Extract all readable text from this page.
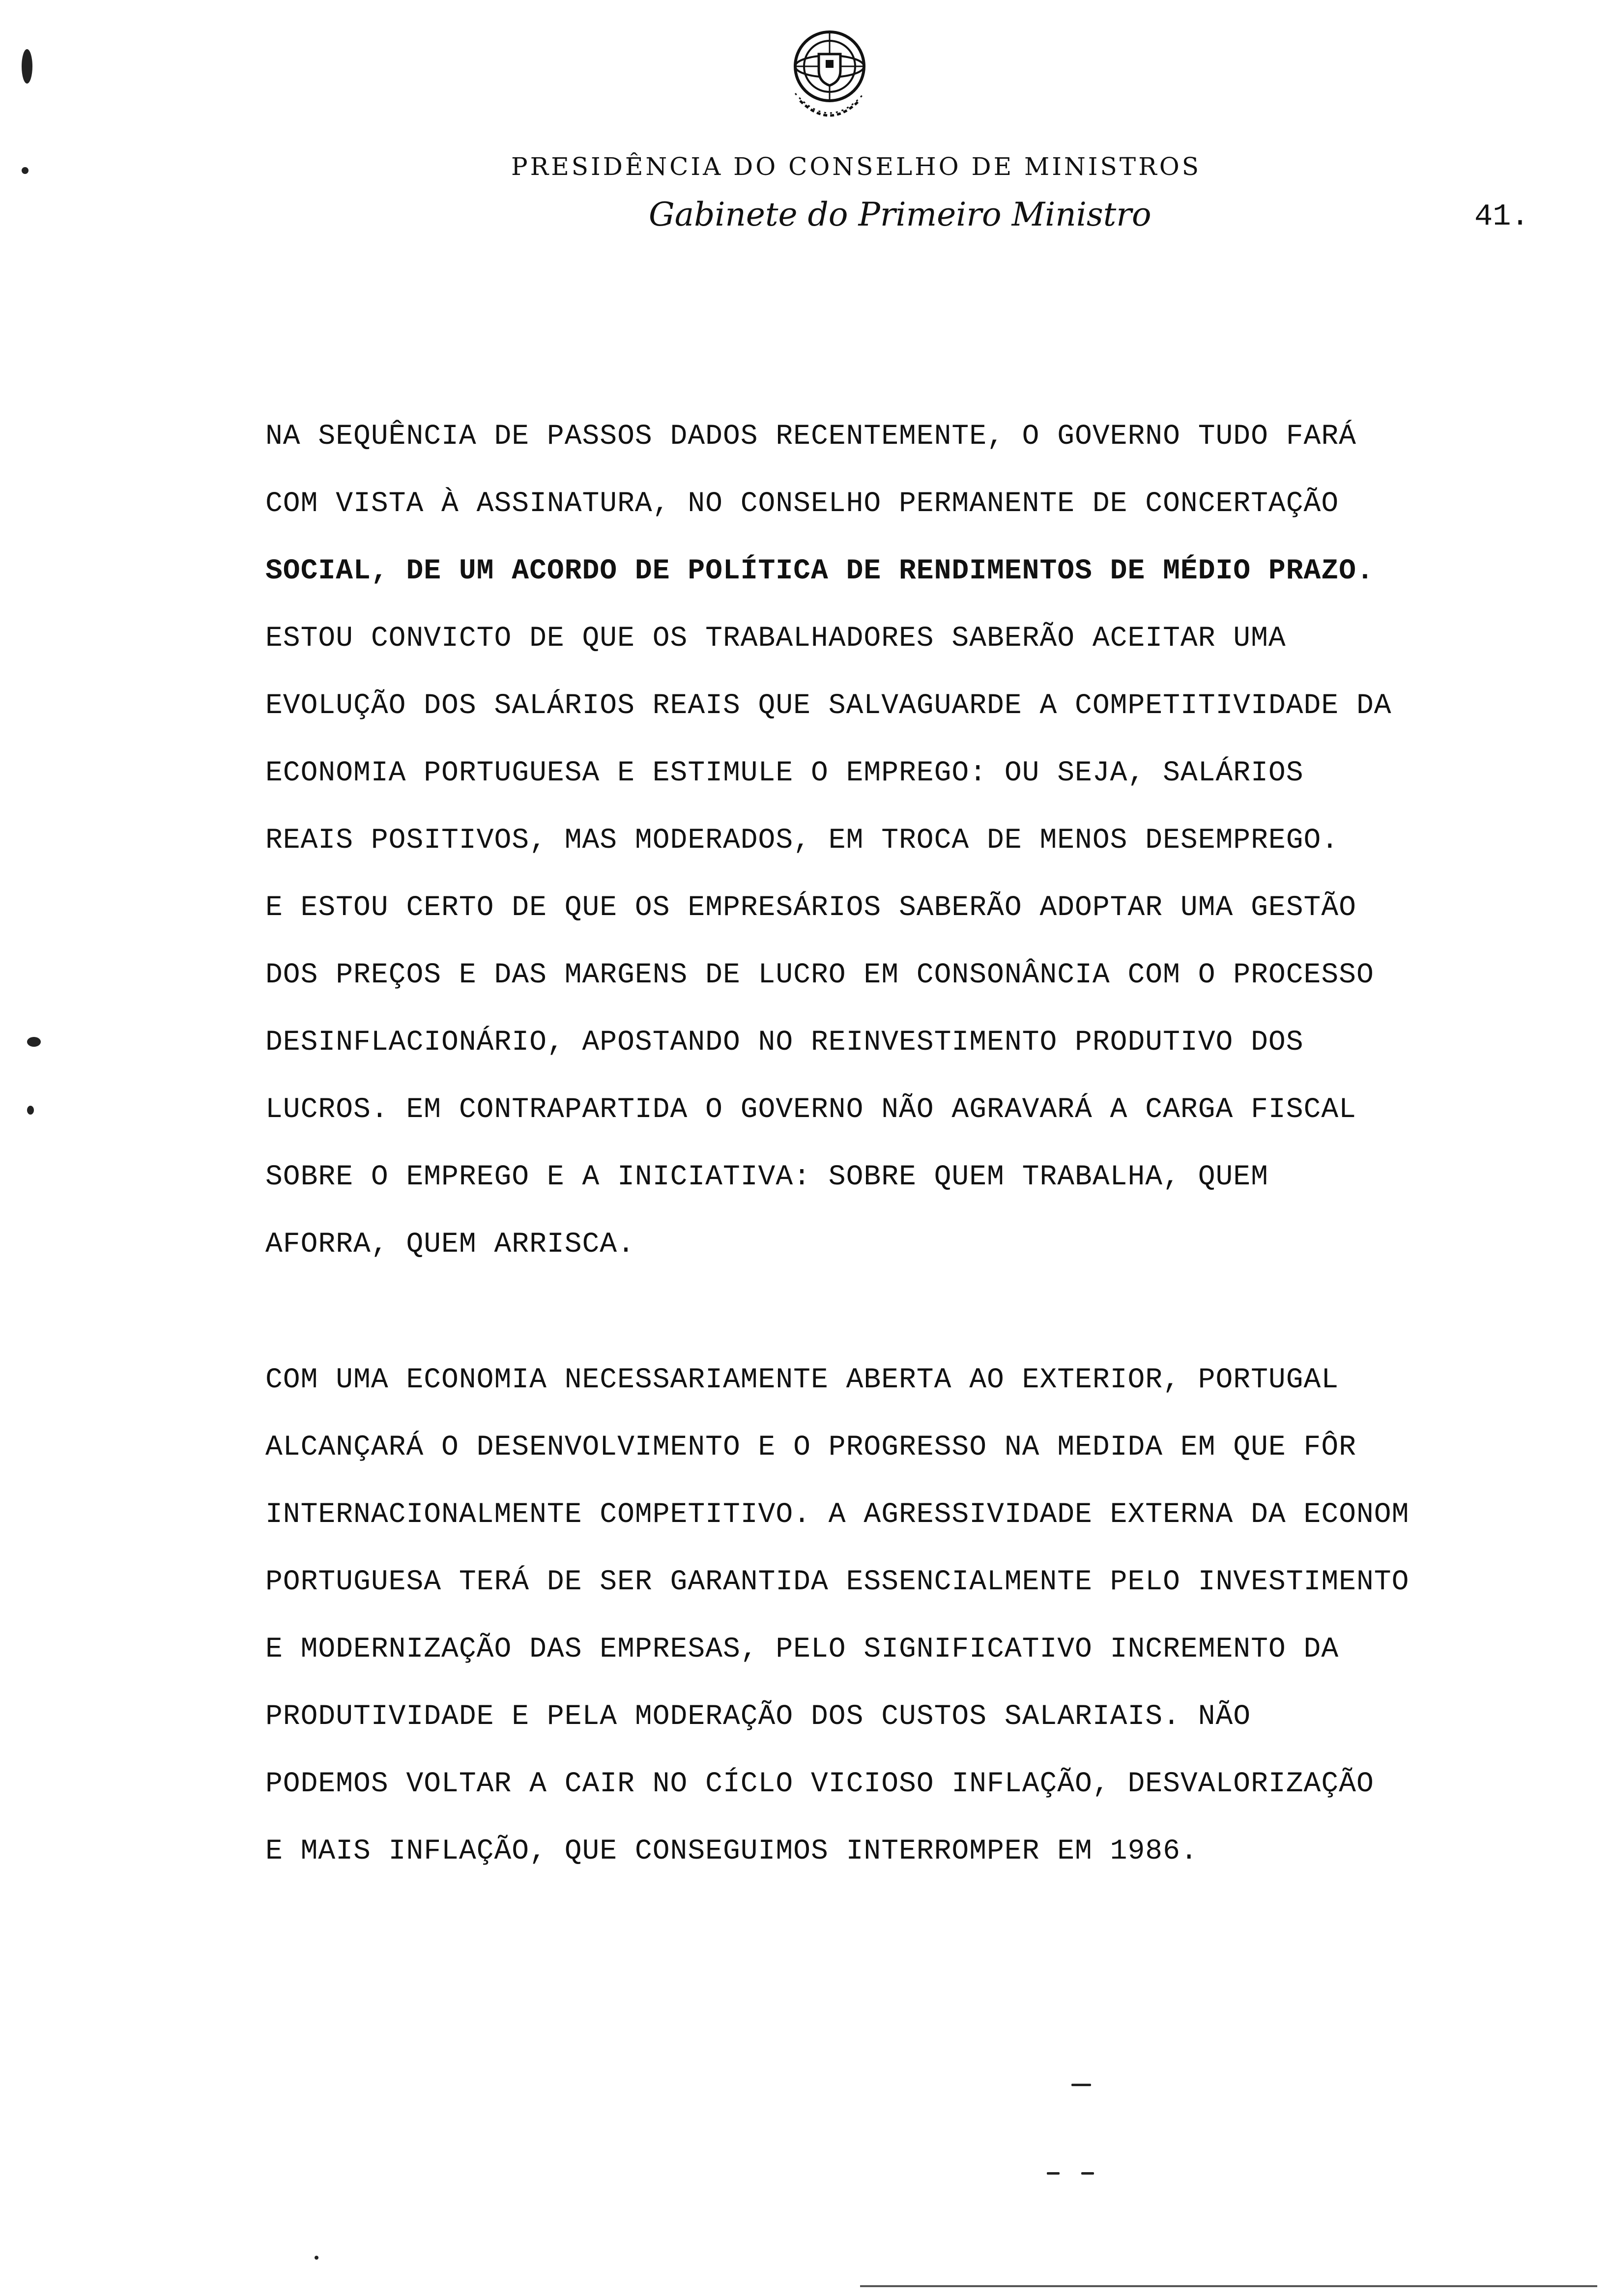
PRESIDÊNCIA DO CONSELHO DE MINISTROS
Gabinete do Primeiro Ministro	41.
NA SEQUÊNCIA DE PASSOS DADOS RECENTEMENTE, O GOVERNO TUDO FARÁ
COM VISTA À ASSINATURA, NO CONSELHO PERMANENTE DE CONCERTAÇÃO
SOCIAL, DE UM ACORDO DE POLÍTICA DE RENDIMENTOS DE MÉDIO PRAZO.
ESTOU CONVICTO DE QUE OS TRABALHADORES SABERÃO ACEITAR UMA
EVOLUÇÃO DOS SALÁRIOS REAIS QUE SALVAGUARDE A COMPETITIVIDADE DA
ECONOMIA PORTUGUESA E ESTIMULE O EMPREGO: OU SEJA, SALÁRIOS
REAIS POSITIVOS, MAS MODERADOS, EM TROCA DE MENOS DESEMPREGO.
E ESTOU CERTO DE QUE OS EMPRESÁRIOS SABERÃO ADOPTAR UMA GESTÃO
DOS PREÇOS E DAS MARGENS DE LUCRO EM CONSONÂNCIA COM O PROCESSO
DESINFLACIONÁRIO, APOSTANDO NO REINVESTIMENTO PRODUTIVO DOS
LUCROS. EM CONTRAPARTIDA O GOVERNO NÃO AGRAVARÁ A CARGA FISCAL
SOBRE O EMPREGO E A INICIATIVA: SOBRE QUEM TRABALHA, QUEM
AFORRA, QUEM ARRISCA.
COM UMA ECONOMIA NECESSARIAMENTE ABERTA AO EXTERIOR, PORTUGAL
ALCANÇARÁ O DESENVOLVIMENTO E O PROGRESSO NA MEDIDA EM QUE FÔR
INTERNACIONALMENTE COMPETITIVO. A AGRESSIVIDADE EXTERNA DA ECONOM
PORTUGUESA TERÁ DE SER GARANTIDA ESSENCIALMENTE PELO INVESTIMENTO
E MODERNIZAÇÃO DAS EMPRESAS, PELO SIGNIFICATIVO INCREMENTO DA
PRODUTIVIDADE E PELA MODERAÇÃO DOS CUSTOS SALARIAIS. NÃO
PODEMOS VOLTAR A CAIR NO CÍCLO VICIOSO INFLAÇÃO, DESVALORIZAÇÃO
E MAIS INFLAÇÃO, QUE CONSEGUIMOS INTERROMPER EM 1986.
